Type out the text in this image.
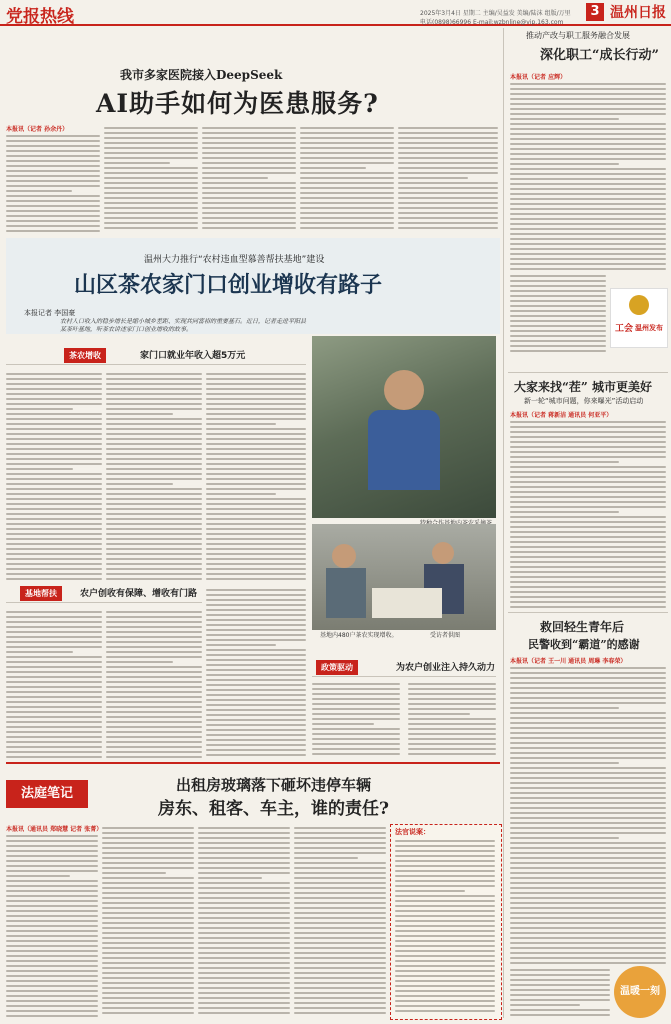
党报热线	2025年3月4日 星期二 主编/吴益发 美编/陆沫 组版/万里
电话(0898)66996 E-mail:wzbnline@vip.163.com
3 温州日报
我市多家医院接入DeepSeek
AI助手如何为医患服务?
本报讯（记者 孙余丹）
推动产改与职工服务融合发展
深化职工“成长行动”
本报讯（记者 应辉）
工会 温州发布
温州大力推行“农村违血型慕善帮扶基地”建设
山区茶农家门口创业增收有路子
本报记者 李国豪
农村人口收入的稳步增长是缩小城乡差距、实现共同富裕的重要基石。近日，记者走进平阳县某茶叶基地，听茶农讲述家门口创业增收的故事。
茶农增收	家门口就业年收入超5万元
基地帮扶	农户创收有保障、增收有门路
基地内480户茶农实现增收。	受访者供图
政策驱动	为农户创业注入持久动力
大家来找“茬” 城市更美好
新一轮“城市问题，你来曝光”活动启动
本报讯（记者 蒋新洁 通讯员 何亚平）
救回轻生青年后
民警收到“霸道”的感谢
本报讯（记者 王一川 通讯员 周琳 李春荣）
温暖一刻
法庭笔记	出租房玻璃落下砸坏违停车辆
房东、租客、车主，谁的责任?
本报讯（通讯员 郑晓慧 记者 张菁）	法官说案：
